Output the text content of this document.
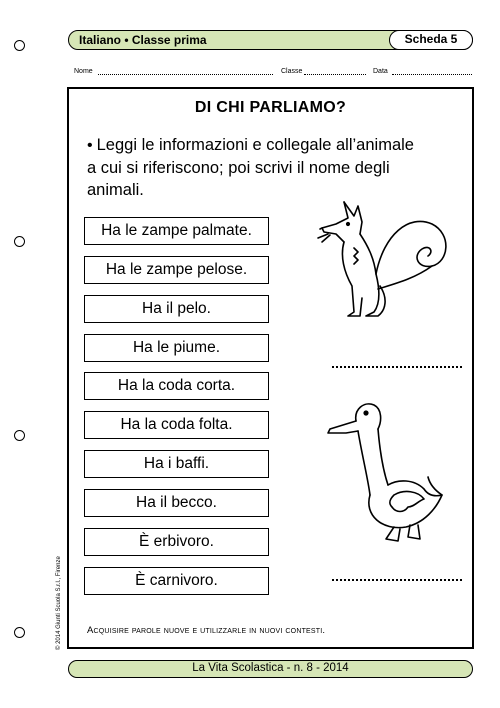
Italiano • Classe prima	Scheda 5
Nome	Classe	Data
DI CHI PARLIAMO?
• Leggi le informazioni e collegale all’animale a cui si riferiscono; poi scrivi il nome degli animali.
Ha le zampe palmate.
Ha le zampe pelose.
Ha il pelo.
Ha le piume.
Ha la coda corta.
Ha la coda folta.
Ha i baffi.
Ha il becco.
È erbivoro.
È carnivoro.
Acquisire parole nuove e utilizzarle in nuovi contesti.
© 2014 Giunti Scuola S.r.l., Firenze
La Vita Scolastica - n. 8 - 2014
